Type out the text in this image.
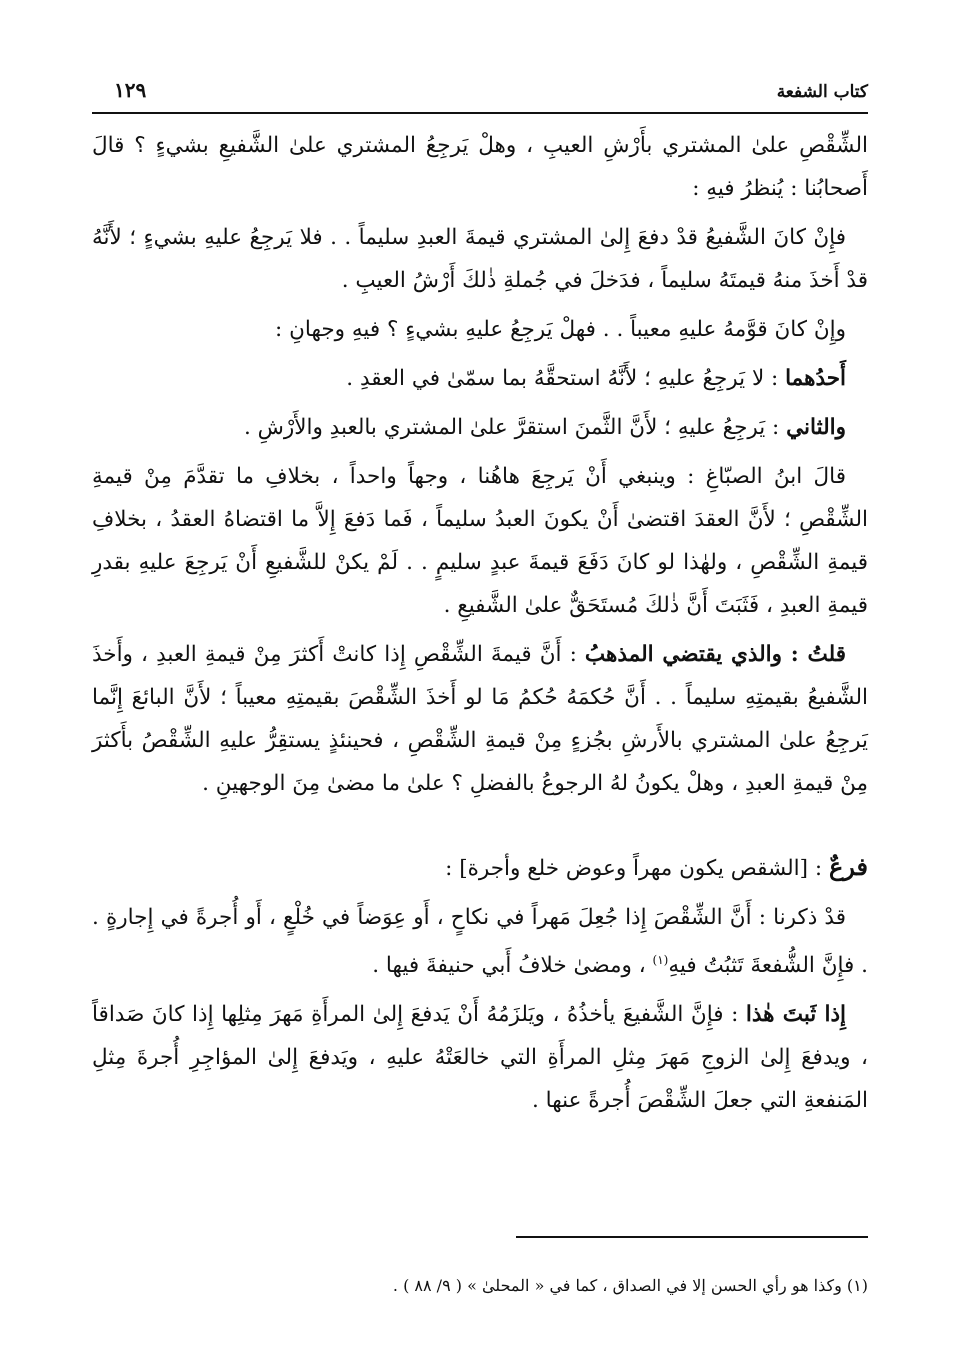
كتاب الشفعة
١٢٩

الشِّقْصِ علىٰ المشتري بأَرْشِ العيبِ ، وهلْ يَرجِعُ المشتري علىٰ الشَّفيعِ بشيءٍ ؟ قالَ أَصحابُنا : يُنظرُ فيهِ :

فإِنْ كانَ الشَّفيعُ قدْ دفعَ إِلىٰ المشتري قيمةَ العبدِ سليماً . . فلا يَرجِعُ عليهِ بشيءٍ ؛ لأَنَّهُ قدْ أَخذَ منهُ قيمتَهُ سليماً ، فدَخلَ في جُملةِ ذٰلكَ أَرْشُ العيبِ .

وإِنْ كانَ قوَّمهُ عليهِ معيباً . . فهلْ يَرجِعُ عليهِ بشيءٍ ؟ فيهِ وجهانِ :

أَحدُهما : لا يَرجِعُ عليهِ ؛ لأَنَّهُ استحقَّهُ بما سمّىٰ في العقدِ .

والثاني : يَرجِعُ عليهِ ؛ لأَنَّ الثَّمنَ استقرَّ علىٰ المشتري بالعبدِ والأَرْشِ .

قالَ ابنُ الصبّاغِ : وينبغي أَنْ يَرجِعَ هاهُنا ، وجهاً واحداً ، بخلافِ ما تقدَّمَ مِنْ قيمةِ الشِّقْصِ ؛ لأَنَّ العقدَ اقتضىٰ أَنْ يكونَ العبدُ سليماً ، فَما دَفعَ إِلاَّ ما اقتضاهُ العقدُ ، بخلافِ قيمةِ الشِّقْصِ ، ولهٰذا لو كانَ دَفَعَ قيمةَ عبدٍ سليمٍ . . لَمْ يكنْ للشَّفيعِ أَنْ يَرجِعَ عليهِ بقدرِ قيمةِ العبدِ ، فَثَبَتَ أَنَّ ذٰلكَ مُستَحَقٌّ علىٰ الشَّفيعِ .

قلتُ : والذي يقتضي المذهبُ : أَنَّ قيمةَ الشِّقْصِ إِذا كانتْ أَكثرَ مِنْ قيمةِ العبدِ ، وأَخذَ الشَّفيعُ بقيمتِهِ سليماً . . أَنَّ حُكمَهُ حُكمُ مَا لو أَخذَ الشِّقْصَ بقيمتِهِ معيباً ؛ لأَنَّ البائعَ إِنَّما يَرجِعُ علىٰ المشتري بالأَرشِ بجُزءٍ مِنْ قيمةِ الشِّقْصِ ، فحينئذٍ يستقِرُّ عليهِ الشِّقْصُ بأَكثرَ مِنْ قيمةِ العبدِ ، وهلْ يكونُ لهُ الرجوعُ بالفضلِ ؟ علىٰ ما مضىٰ مِنَ الوجهينِ .

فرعٌ : [الشقص يكون مهراً وعوض خلع وأجرة] :

قدْ ذكرنا : أَنَّ الشِّقْصَ إِذا جُعِلَ مَهراً في نكاحٍ ، أَو عِوَضاً في خُلْعٍ ، أَو أُجرةً في إِجارةٍ . . فإِنَّ الشُّفعةَ تَثبُتُ فيهِ$^{(١)}$ ، ومضىٰ خلافُ أَبي حنيفةَ فيها .

إِذا ثَبتَ هٰذا : فإِنَّ الشَّفيعَ يأخذُهُ ، ويَلزَمُهُ أَنْ يَدفعَ إِلىٰ المرأَةِ مَهرَ مِثلِها إِذا كانَ صَداقاً ، ويدفعَ إِلىٰ الزوجِ مَهرَ مِثلِ المرأَةِ التي خالعَتْهُ عليهِ ، ويَدفعَ إِلىٰ المؤاجِرِ أُجرةَ مِثلِ المَنفعةِ التي جعلَ الشِّقْصَ أُجرةً عنها .

(١) وكذا هو رأي الحسن إلا في الصداق ، كما في « المحلىٰ » ( ٩/ ٨٨ ) .
